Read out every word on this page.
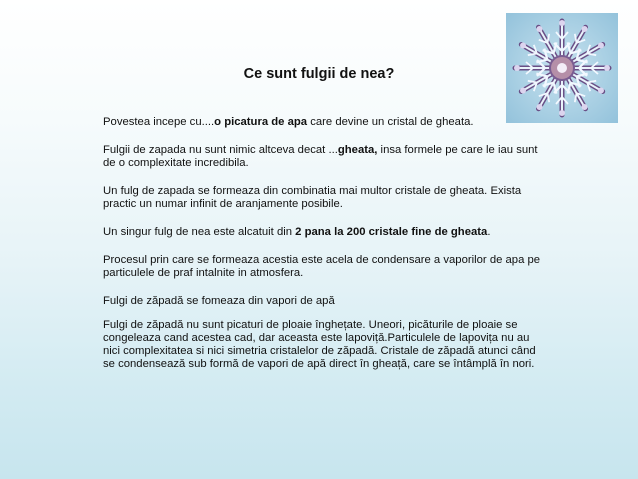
Ce sunt fulgii de nea?

Povestea incepe cu....o picatura de apa care devine un cristal de gheata.

Fulgii de zapada nu sunt nimic altceva decat ...gheata, insa formele pe care le iau sunt de o complexitate incredibila.

Un fulg de zapada se formeaza din combinatia mai multor cristale de gheata. Exista practic un numar infinit de aranjamente posibile.

Un singur fulg de nea este alcatuit din 2 pana la 200 cristale fine de gheata.

Procesul prin care se formeaza acestia este acela de condensare a vaporilor de apa pe particulele de praf intalnite in atmosfera.

Fulgi de zăpadă se fomeaza din vapori de apă

Fulgi de zăpadă nu sunt picaturi de ploaie înghețate. Uneori, picăturile de ploaie se congeleaza cand acestea cad, dar aceasta este lapoviță.Particulele de lapovița nu au nici complexitatea si nici simetria cristalelor de zăpadă. Cristale de zăpadă atunci când se condensează sub formă de vapori de apă direct în gheață, care se întâmplă în nori.
